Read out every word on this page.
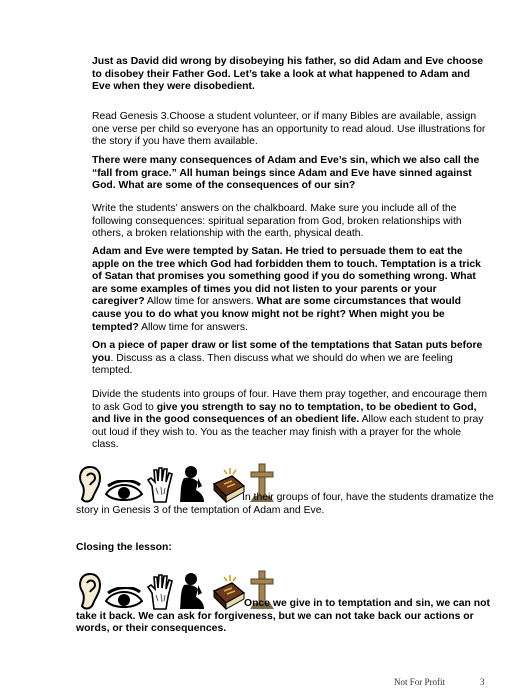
Just as David did wrong by disobeying his father, so did Adam and Eve choose to disobey their Father God. Let’s take a look at what happened to Adam and Eve when they were disobedient.

Read Genesis 3.Choose a student volunteer, or if many Bibles are available, assign one verse per child so everyone has an opportunity to read aloud. Use illustrations for the story if you have them available.

There were many consequences of Adam and Eve’s sin, which we also call the “fall from grace.” All human beings since Adam and Eve have sinned against God. What are some of the consequences of our sin?

Write the students’ answers on the chalkboard. Make sure you include all of the following consequences: spiritual separation from God, broken relationships with others, a broken relationship with the earth, physical death.

Adam and Eve were tempted by Satan. He tried to persuade them to eat the apple on the tree which God had forbidden them to touch. Temptation is a trick of Satan that promises you something good if you do something wrong. What are some examples of times you did not listen to your parents or your caregiver? Allow time for answers. What are some circumstances that would cause you to do what you know might not be right? When might you be tempted? Allow time for answers.

On a piece of paper draw or list some of the temptations that Satan puts before you. Discuss as a class. Then discuss what we should do when we are feeling tempted.

Divide the students into groups of four. Have them pray together, and encourage them to ask God to give you strength to say no to temptation, to be obedient to God, and live in the good consequences of an obedient life. Allow each student to pray out loud if they wish to. You as the teacher may finish with a prayer for the whole class.

In their groups of four, have the students dramatize the story in Genesis 3 of the temptation of Adam and Eve.

Closing the lesson:

Once we give in to temptation and sin, we can not take it back. We can ask for forgiveness, but we can not take back our actions or words, or their consequences.

Not For Profit	3
